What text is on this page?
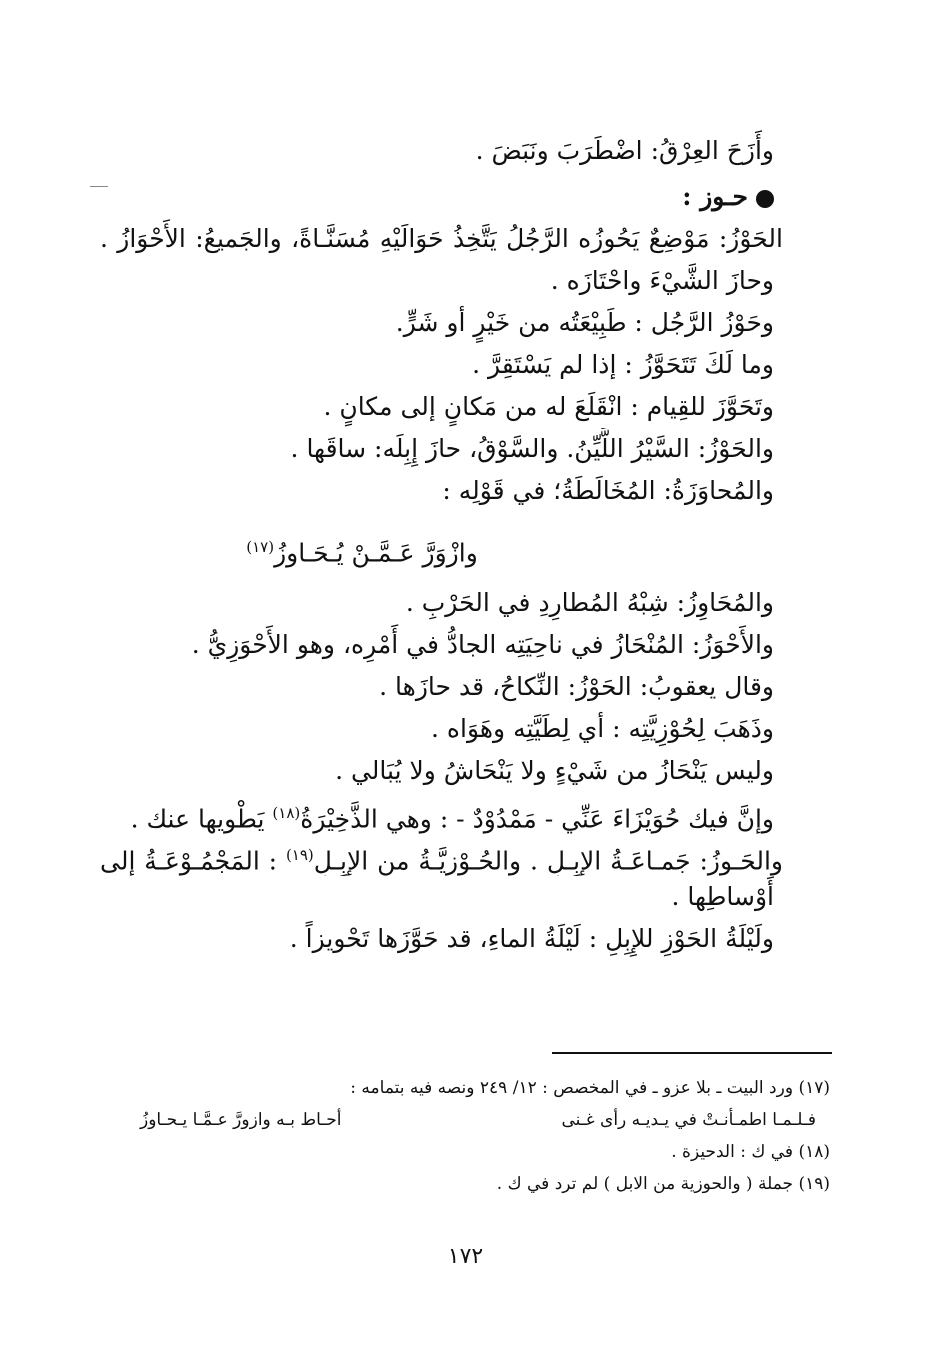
وأَزَحَ العِرْقُ: اضْطَرَبَ ونَبَضَ .
حـوز :
الحَوْزُ: مَوْضِعٌ يَحُوزُه الرَّجُلُ يَتَّخِذُ حَوَالَيْهِ مُسَنَّـاةً، والجَميعُ: الأَحْوَازُ .
وحازَ الشَّيْءَ واحْتَازَه .
وحَوْزُ الرَّجُل : طَبِيْعَتُه من خَيْرٍ أو شَرٍّ.
وما لَكَ تَتَحَوَّزُ : إذا لم يَسْتَقِرَّ .
وتَحَوَّزَ للقِيام : انْقَلَعَ له من مَكانٍ إلى مكانٍ .
والحَوْزُ: السَّيْرُ اللَّيِّنُ. والسَّوْقُ، حازَ إِبِلَه: ساقَها .
والمُحاوَزَةُ: المُخَالَطَةُ؛ في قَوْلِه :
وازْوَرَّ عَـمَّـنْ يُـحَـاوِزُ$^{(١٧)}$
والمُحَاوِزُ: شِبْهُ المُطارِدِ في الحَرْبِ .
والأَحْوَزُ: المُنْحَازُ في ناحِيَتِه الجادُّ في أَمْرِه، وهو الأَحْوَزِيُّ .
وقال يعقوبُ: الحَوْزُ: النِّكاحُ، قد حازَها .
وذَهَبَ لِحُوْزِيَّتِه : أي لِطَيَّتِه وهَوَاه .
وليس يَنْحَازُ من شَيْءٍ ولا يَنْحَاشُ ولا يُبَالي .
وإنَّ فيك حُوَيْزَاءَ عَنِّي - مَمْدُوْدٌ - : وهي الذَّخِيْرَةُ$^{(١٨)}$ يَطْويها عنك .
والحَـوزُ: جَمـاعَـةُ الإِبِـلِ . والحُـوْزِيَّـةُ من الإِبِـلِ$^{(١٩)}$ : المَجْمُـوْعَـةُ إلى
أَوْساطِها .
ولَيْلَةُ الحَوْزِ للإِبِلِ : لَيْلَةُ الماءِ، قد حَوَّزَها تَحْويزاً .
(١٧) ورد البيت ـ بلا عزو ـ في المخصص : ١٢/ ٢٤٩ ونصه فيه بتمامه :
فـلـمـا اطمـأنـتْ في يـديـه رأى غـنى
أحـاط بـه وازورَّ عـمَّـا يـحـاوزُ
(١٨) في ك : الدحيزة .
(١٩) جملة ( والحوزية من الابل ) لم ترد في ك .
١٧٢
